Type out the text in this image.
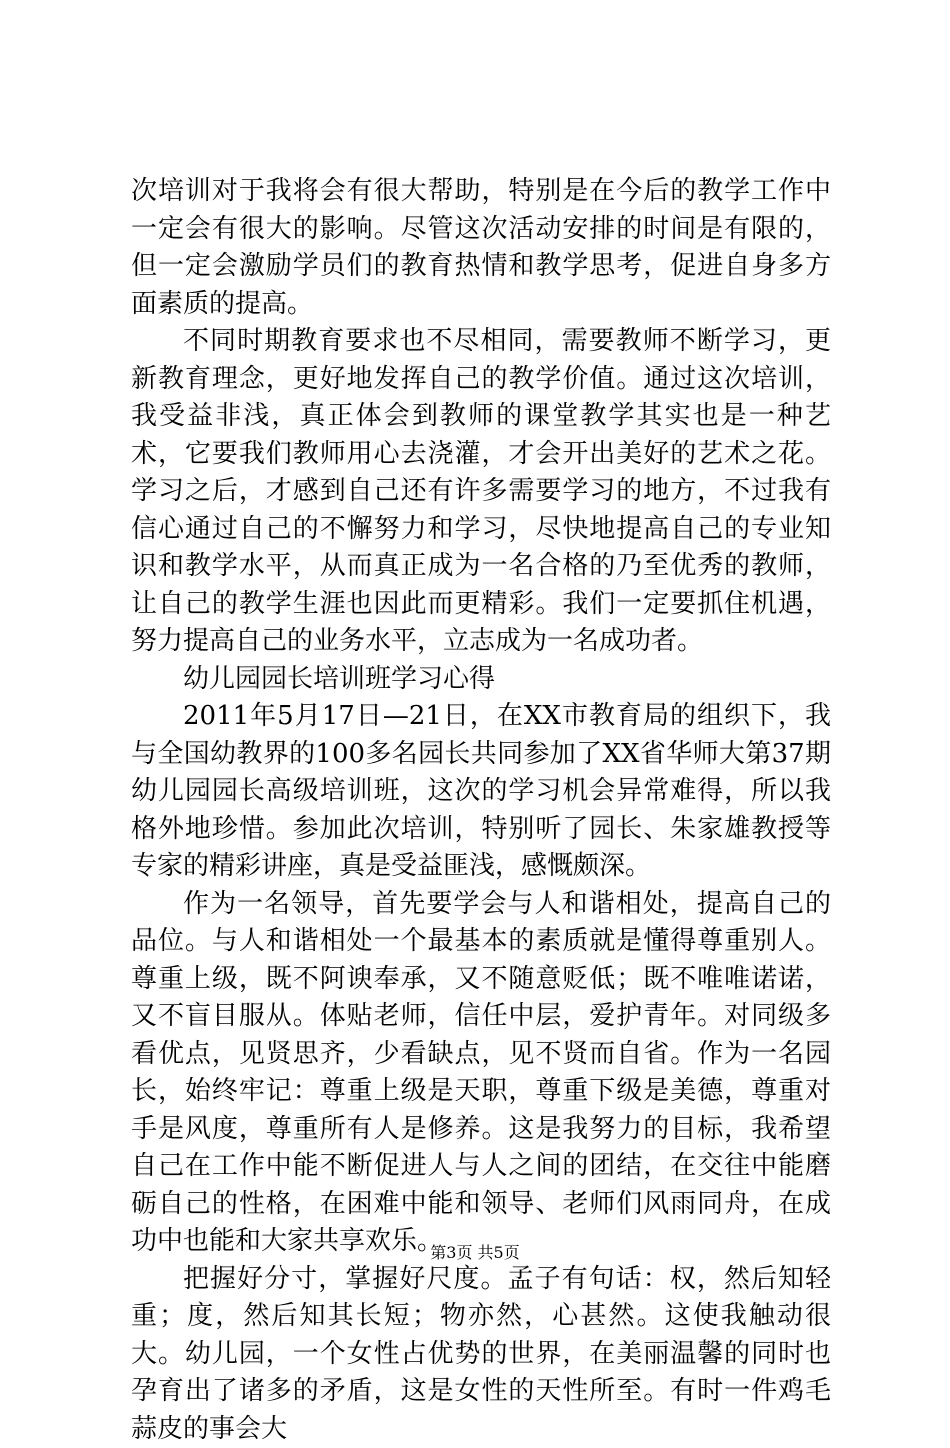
次培训对于我将会有很大帮助，特别是在今后的教学工作中一定会有很大的影响。尽管这次活动安排的时间是有限的，但一定会激励学员们的教育热情和教学思考，促进自身多方面素质的提高。

不同时期教育要求也不尽相同，需要教师不断学习，更新教育理念，更好地发挥自己的教学价值。通过这次培训，我受益非浅，真正体会到教师的课堂教学其实也是一种艺术，它要我们教师用心去浇灌，才会开出美好的艺术之花。学习之后，才感到自己还有许多需要学习的地方，不过我有信心通过自己的不懈努力和学习，尽快地提高自己的专业知识和教学水平，从而真正成为一名合格的乃至优秀的教师，让自己的教学生涯也因此而更精彩。我们一定要抓住机遇，努力提高自己的业务水平，立志成为一名成功者。

幼儿园园长培训班学习心得

2011年5月17日—21日，在XX市教育局的组织下，我与全国幼教界的100多名园长共同参加了XX省华师大第37期幼儿园园长高级培训班，这次的学习机会异常难得，所以我格外地珍惜。参加此次培训，特别听了园长、朱家雄教授等专家的精彩讲座，真是受益匪浅，感慨颇深。

作为一名领导，首先要学会与人和谐相处，提高自己的品位。与人和谐相处一个最基本的素质就是懂得尊重别人。尊重上级，既不阿谀奉承，又不随意贬低；既不唯唯诺诺，又不盲目服从。体贴老师，信任中层，爱护青年。对同级多看优点，见贤思齐，少看缺点，见不贤而自省。作为一名园长，始终牢记：尊重上级是天职，尊重下级是美德，尊重对手是风度，尊重所有人是修养。这是我努力的目标，我希望自己在工作中能不断促进人与人之间的团结，在交往中能磨砺自己的性格，在困难中能和领导、老师们风雨同舟，在成功中也能和大家共享欢乐。

把握好分寸，掌握好尺度。孟子有句话：权，然后知轻重；度，然后知其长短；物亦然，心甚然。这使我触动很大。幼儿园，一个女性占优势的世界，在美丽温馨的同时也孕育出了诸多的矛盾，这是女性的天性所至。有时一件鸡毛蒜皮的事会大

第3页 共5页
